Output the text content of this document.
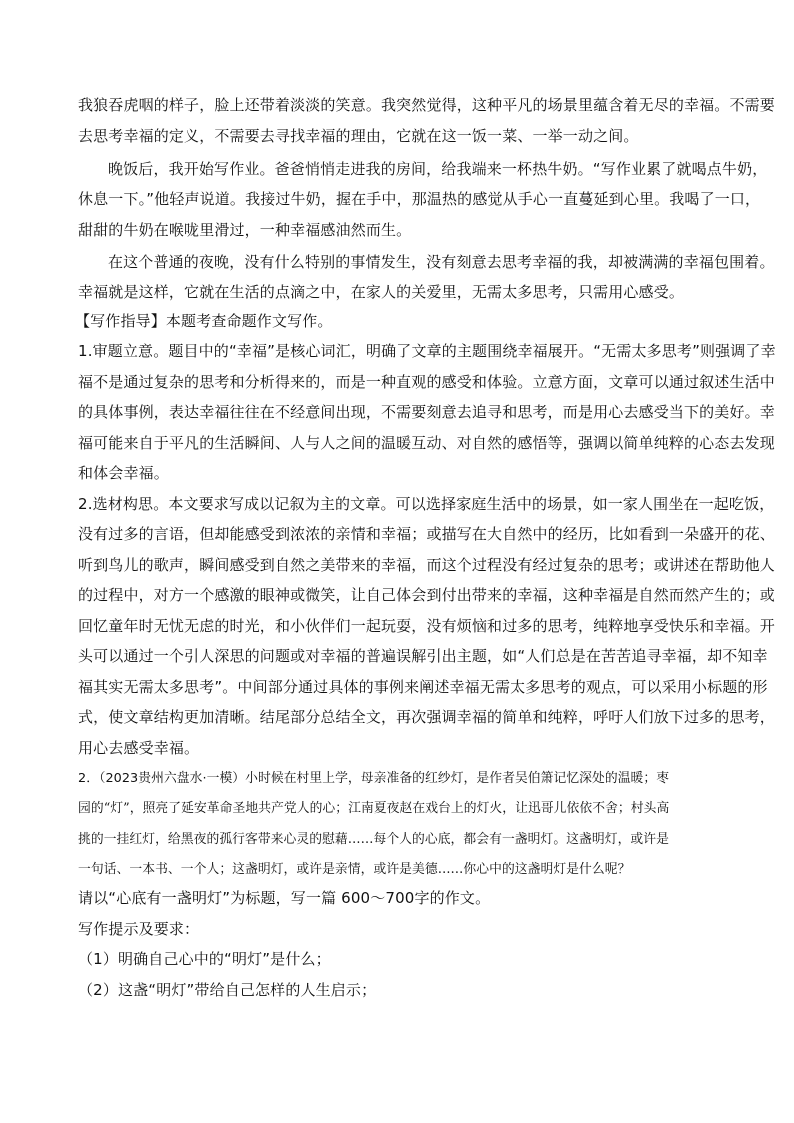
我狼吞虎咽的样子，脸上还带着淡淡的笑意。我突然觉得，这种平凡的场景里蕴含着无尽的幸福。不需要
去思考幸福的定义，不需要去寻找幸福的理由，它就在这一饭一菜、一举一动之间。
晚饭后，我开始写作业。爸爸悄悄走进我的房间，给我端来一杯热牛奶。“写作业累了就喝点牛奶，
休息一下。”他轻声说道。我接过牛奶，握在手中，那温热的感觉从手心一直蔓延到心里。我喝了一口，
甜甜的牛奶在喉咙里滑过，一种幸福感油然而生。
在这个普通的夜晚，没有什么特别的事情发生，没有刻意去思考幸福的我，却被满满的幸福包围着。
幸福就是这样，它就在生活的点滴之中，在家人的关爱里，无需太多思考，只需用心感受。
【写作指导】本题考查命题作文写作。
1.审题立意。题目中的“幸福”是核心词汇，明确了文章的主题围绕幸福展开。“无需太多思考”则强调了幸
福不是通过复杂的思考和分析得来的，而是一种直观的感受和体验。立意方面，文章可以通过叙述生活中
的具体事例，表达幸福往往在不经意间出现，不需要刻意去追寻和思考，而是用心去感受当下的美好。幸
福可能来自于平凡的生活瞬间、人与人之间的温暖互动、对自然的感悟等，强调以简单纯粹的心态去发现
和体会幸福。
2.选材构思。本文要求写成以记叙为主的文章。可以选择家庭生活中的场景，如一家人围坐在一起吃饭，
没有过多的言语，但却能感受到浓浓的亲情和幸福；或描写在大自然中的经历，比如看到一朵盛开的花、
听到鸟儿的歌声，瞬间感受到自然之美带来的幸福，而这个过程没有经过复杂的思考；或讲述在帮助他人
的过程中，对方一个感激的眼神或微笑，让自己体会到付出带来的幸福，这种幸福是自然而然产生的；或
回忆童年时无忧无虑的时光，和小伙伴们一起玩耍，没有烦恼和过多的思考，纯粹地享受快乐和幸福。开
头可以通过一个引人深思的问题或对幸福的普遍误解引出主题，如“人们总是在苦苦追寻幸福，却不知幸
福其实无需太多思考”。中间部分通过具体的事例来阐述幸福无需太多思考的观点，可以采用小标题的形
式，使文章结构更加清晰。结尾部分总结全文，再次强调幸福的简单和纯粹，呼吁人们放下过多的思考，
用心去感受幸福。
2．（2023贵州六盘水·一模）小时候在村里上学，母亲准备的红纱灯，是作者吴伯箫记忆深处的温暖；枣
园的“灯”，照亮了延安革命圣地共产党人的心；江南夏夜赵在戏台上的灯火，让迅哥儿依依不舍；村头高
挑的一挂红灯，给黑夜的孤行客带来心灵的慰藉……每个人的心底，都会有一盏明灯。这盏明灯，或许是
一句话、一本书、一个人；这盏明灯，或许是亲情，或许是美德……你心中的这盏明灯是什么呢？
请以“心底有一盏明灯”为标题，写一篇 600～700字的作文。
写作提示及要求：
（1）明确自己心中的“明灯”是什么；
（2）这盏“明灯”带给自己怎样的人生启示；
